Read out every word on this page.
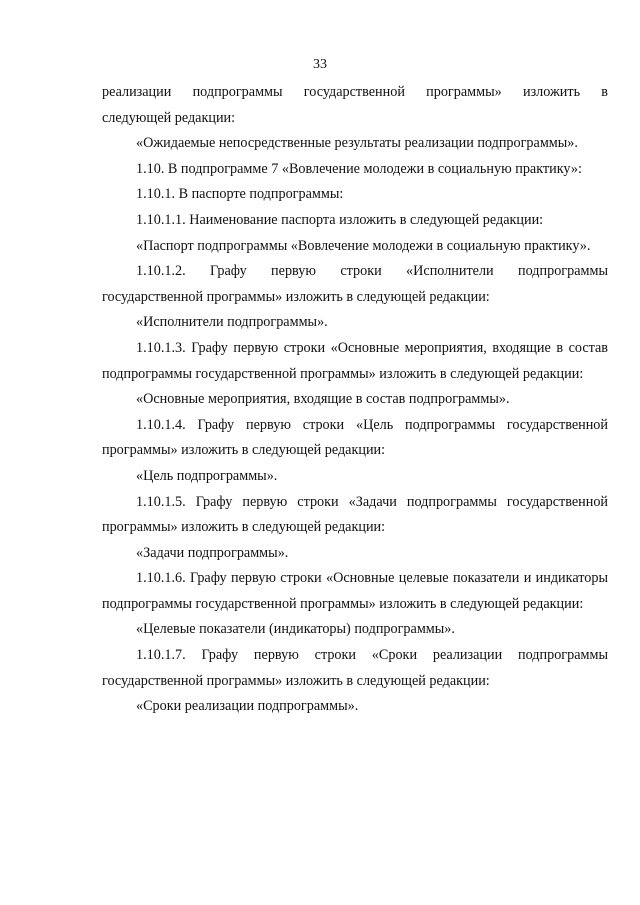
33

реализации подпрограммы государственной программы» изложить в

следующей редакции:

«Ожидаемые непосредственные результаты реализации подпрограммы».

1.10. В подпрограмме 7 «Вовлечение молодежи в социальную практику»:

1.10.1. В паспорте подпрограммы:

1.10.1.1. Наименование паспорта изложить в следующей редакции:

«Паспорт подпрограммы «Вовлечение молодежи в социальную практику».

1.10.1.2. Графу первую строки «Исполнители подпрограммы государственной программы» изложить в следующей редакции:

«Исполнители подпрограммы».

1.10.1.3. Графу первую строки «Основные мероприятия, входящие в состав подпрограммы государственной программы» изложить в следующей редакции:

«Основные мероприятия, входящие в состав подпрограммы».

1.10.1.4. Графу первую строки «Цель подпрограммы государственной программы» изложить в следующей редакции:

«Цель подпрограммы».

1.10.1.5. Графу первую строки «Задачи подпрограммы государственной программы» изложить в следующей редакции:

«Задачи подпрограммы».

1.10.1.6. Графу первую строки «Основные целевые показатели и индикаторы подпрограммы государственной программы» изложить в следующей редакции:

«Целевые показатели (индикаторы) подпрограммы».

1.10.1.7. Графу первую строки «Сроки реализации подпрограммы государственной программы» изложить в следующей редакции:

«Сроки реализации подпрограммы».
